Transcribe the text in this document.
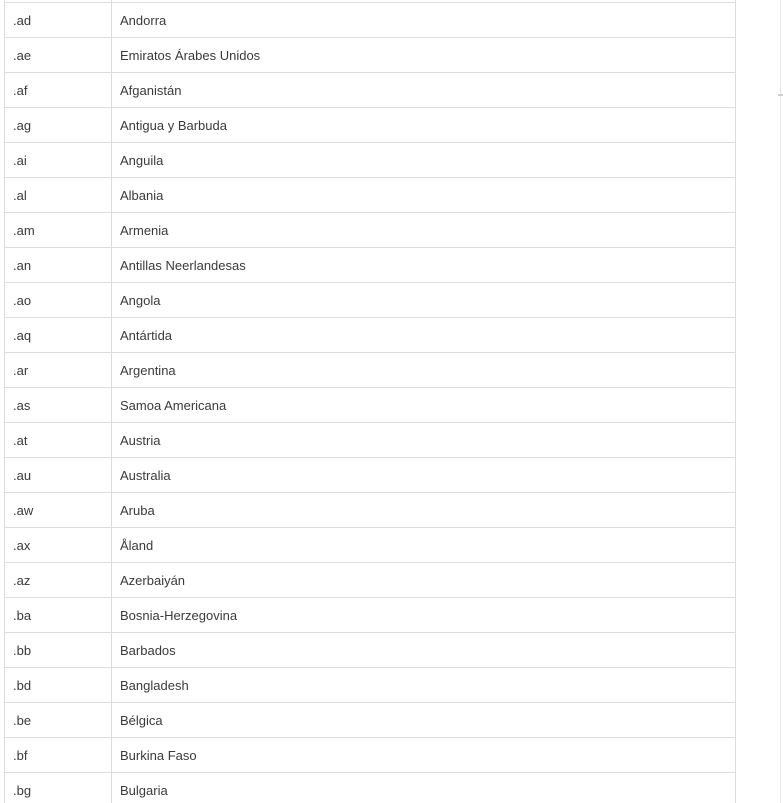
.ad	Andorra
.ae	Emiratos Árabes Unidos
.af	Afganistán
.ag	Antigua y Barbuda
.ai	Anguila
.al	Albania
.am	Armenia
.an	Antillas Neerlandesas
.ao	Angola
.aq	Antártida
.ar	Argentina
.as	Samoa Americana
.at	Austria
.au	Australia
.aw	Aruba
.ax	Åland
.az	Azerbaiyán
.ba	Bosnia-Herzegovina
.bb	Barbados
.bd	Bangladesh
.be	Bélgica
.bf	Burkina Faso
.bg	Bulgaria
